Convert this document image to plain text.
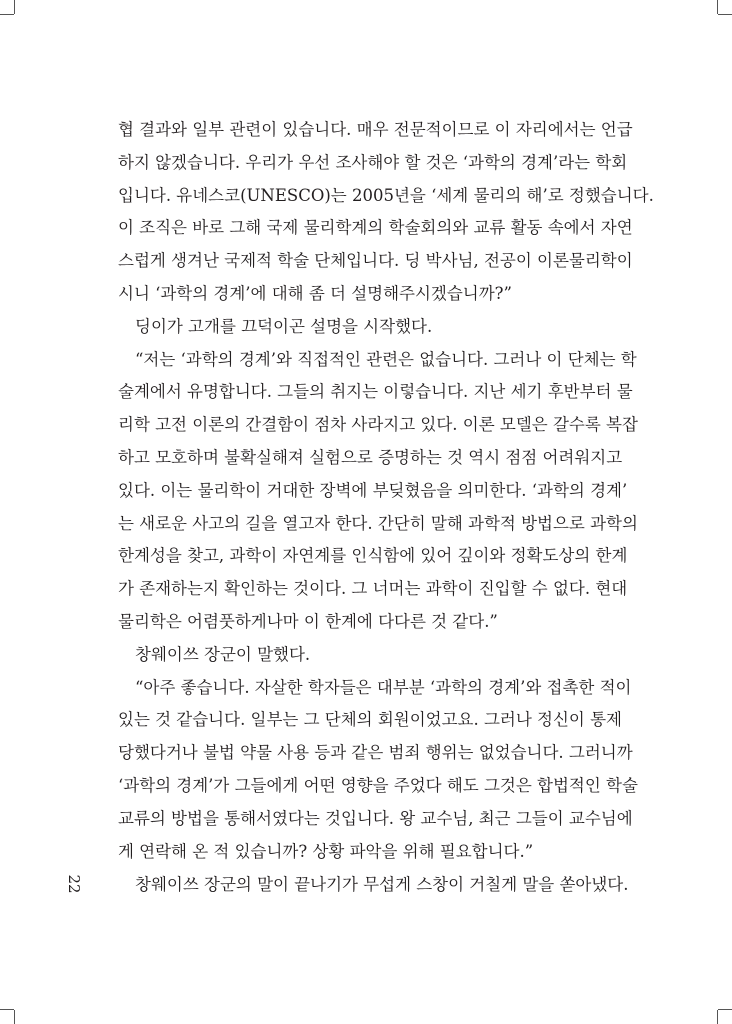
협 결과와 일부 관련이 있습니다. 매우 전문적이므로 이 자리에서는 언급
하지 않겠습니다. 우리가 우선 조사해야 할 것은 ‘과학의 경계’라는 학회
입니다. 유네스코(UNESCO)는 2005년을 ‘세계 물리의 해’로 정했습니다.
이 조직은 바로 그해 국제 물리학계의 학술회의와 교류 활동 속에서 자연
스럽게 생겨난 국제적 학술 단체입니다. 딩 박사님, 전공이 이론물리학이
시니 ‘과학의 경계’에 대해 좀 더 설명해주시겠습니까?”
딩이가 고개를 끄덕이곤 설명을 시작했다.
“저는 ‘과학의 경계’와 직접적인 관련은 없습니다. 그러나 이 단체는 학
술계에서 유명합니다. 그들의 취지는 이렇습니다. 지난 세기 후반부터 물
리학 고전 이론의 간결함이 점차 사라지고 있다. 이론 모델은 갈수록 복잡
하고 모호하며 불확실해져 실험으로 증명하는 것 역시 점점 어려워지고
있다. 이는 물리학이 거대한 장벽에 부딪혔음을 의미한다. ‘과학의 경계’
는 새로운 사고의 길을 열고자 한다. 간단히 말해 과학적 방법으로 과학의
한계성을 찾고, 과학이 자연계를 인식함에 있어 깊이와 정확도상의 한계
가 존재하는지 확인하는 것이다. 그 너머는 과학이 진입할 수 없다. 현대
물리학은 어렴풋하게나마 이 한계에 다다른 것 같다.”
창웨이쓰 장군이 말했다.
“아주 좋습니다. 자살한 학자들은 대부분 ‘과학의 경계’와 접촉한 적이
있는 것 같습니다. 일부는 그 단체의 회원이었고요. 그러나 정신이 통제
당했다거나 불법 약물 사용 등과 같은 범죄 행위는 없었습니다. 그러니까
‘과학의 경계’가 그들에게 어떤 영향을 주었다 해도 그것은 합법적인 학술
교류의 방법을 통해서였다는 것입니다. 왕 교수님, 최근 그들이 교수님에
게 연락해 온 적 있습니까? 상황 파악을 위해 필요합니다.”
창웨이쓰 장군의 말이 끝나기가 무섭게 스창이 거칠게 말을 쏟아냈다.
22
